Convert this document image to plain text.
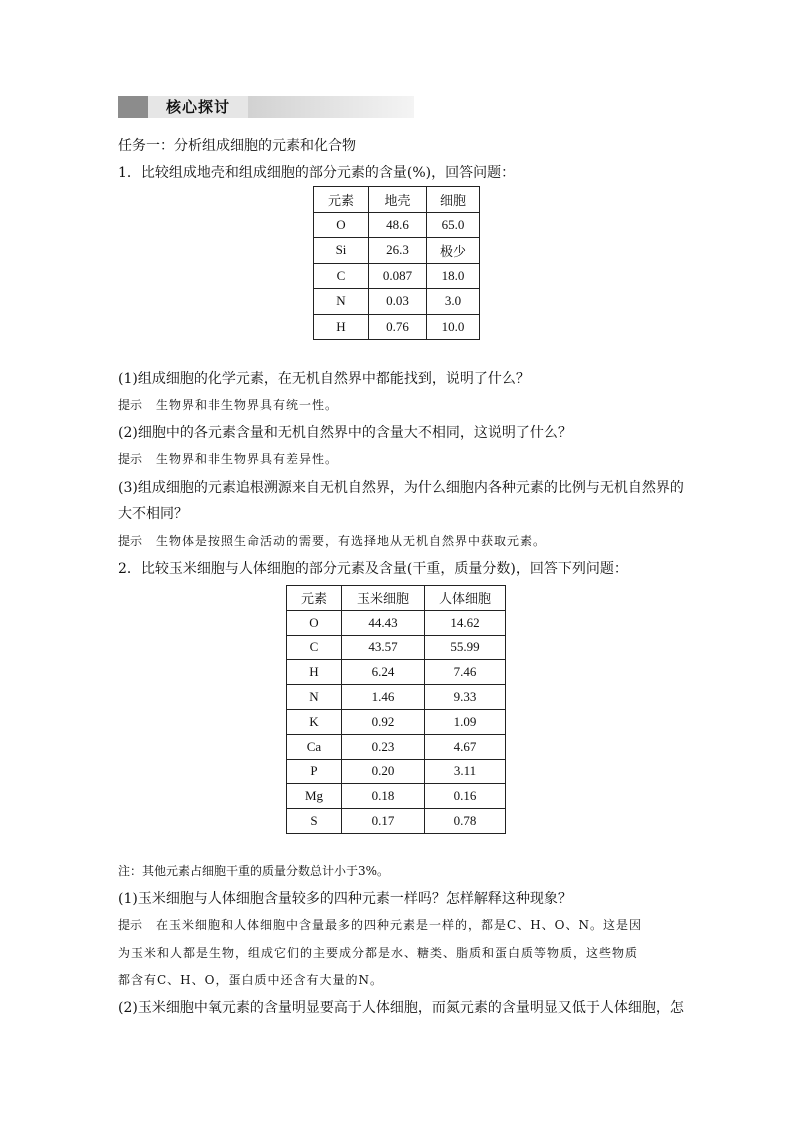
核心探讨
任务一：分析组成细胞的元素和化合物
1．比较组成地壳和组成细胞的部分元素的含量(%)，回答问题：
元素	地壳	细胞
O	48.6	65.0
Si	26.3	极少
C	0.087	18.0
N	0.03	3.0
H	0.76	10.0
(1)组成细胞的化学元素，在无机自然界中都能找到，说明了什么？
提示 生物界和非生物界具有统一性。
(2)细胞中的各元素含量和无机自然界中的含量大不相同，这说明了什么？
提示 生物界和非生物界具有差异性。
(3)组成细胞的元素追根溯源来自无机自然界，为什么细胞内各种元素的比例与无机自然界的
大不相同？
提示 生物体是按照生命活动的需要，有选择地从无机自然界中获取元素。
2．比较玉米细胞与人体细胞的部分元素及含量(干重，质量分数)，回答下列问题：
元素	玉米细胞	人体细胞
O	44.43	14.62
C	43.57	55.99
H	6.24	7.46
N	1.46	9.33
K	0.92	1.09
Ca	0.23	4.67
P	0.20	3.11
Mg	0.18	0.16
S	0.17	0.78
注：其他元素占细胞干重的质量分数总计小于3%。
(1)玉米细胞与人体细胞含量较多的四种元素一样吗？怎样解释这种现象？
提示 在玉米细胞和人体细胞中含量最多的四种元素是一样的，都是C、H、O、N。这是因
为玉米和人都是生物，组成它们的主要成分都是水、糖类、脂质和蛋白质等物质，这些物质
都含有C、H、O，蛋白质中还含有大量的N。
(2)玉米细胞中氧元素的含量明显要高于人体细胞，而氮元素的含量明显又低于人体细胞，怎
